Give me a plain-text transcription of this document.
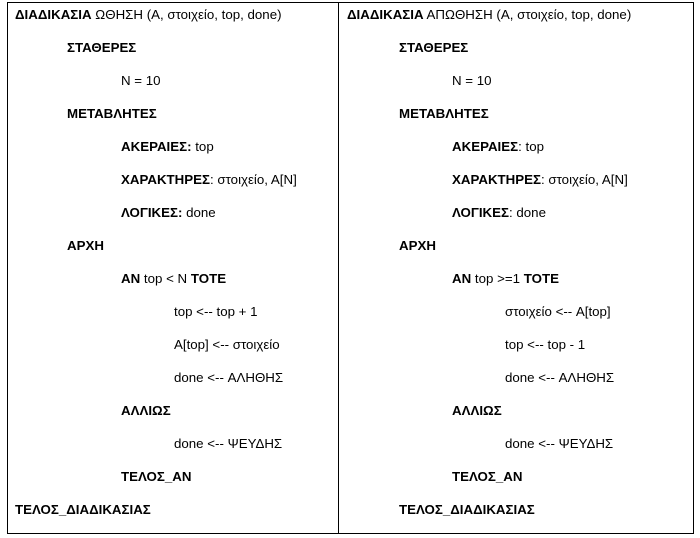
ΔΙΑΔΙΚΑΣΙΑ ΩΘΗΣΗ (Α, στοιχείο, top, done)
ΣΤΑΘΕΡΕΣ
N = 10
ΜΕΤΑΒΛΗΤΕΣ
ΑΚΕΡΑΙΕΣ: top
ΧΑΡΑΚΤΗΡΕΣ: στοιχείο, Α[Ν]
ΛΟΓΙΚΕΣ: done
ΑΡΧΗ
ΑΝ top < N ΤΟΤΕ
top <-- top + 1
A[top] <-- στοιχείο
done <-- ΑΛΗΘΗΣ
ΑΛΛΙΩΣ
done <-- ΨΕΥΔΗΣ
ΤΕΛΟΣ_ΑΝ
ΤΕΛΟΣ_ΔΙΑΔΙΚΑΣΙΑΣ
ΔΙΑΔΙΚΑΣΙΑ ΑΠΩΘΗΣΗ (Α, στοιχείο, top, done)
ΣΤΑΘΕΡΕΣ
N = 10
ΜΕΤΑΒΛΗΤΕΣ
ΑΚΕΡΑΙΕΣ: top
ΧΑΡΑΚΤΗΡΕΣ: στοιχείο, Α[Ν]
ΛΟΓΙΚΕΣ: done
ΑΡΧΗ
ΑΝ top >=1 ΤΟΤΕ
στοιχείο <-- A[top]
top <-- top - 1
done <-- ΑΛΗΘΗΣ
ΑΛΛΙΩΣ
done <-- ΨΕΥΔΗΣ
ΤΕΛΟΣ_ΑΝ
ΤΕΛΟΣ_ΔΙΑΔΙΚΑΣΙΑΣ
